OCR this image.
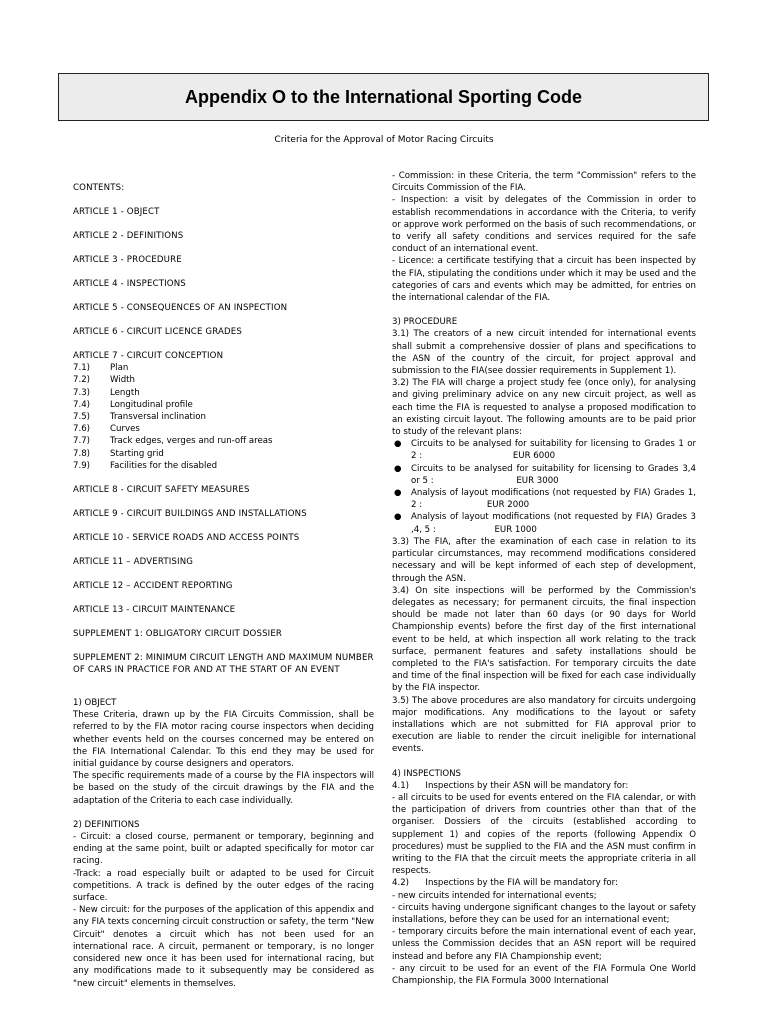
Appendix O to the International Sporting Code
Criteria for the Approval of Motor Racing Circuits
CONTENTS:
ARTICLE 1 - OBJECT
ARTICLE 2 - DEFINITIONS
ARTICLE 3 - PROCEDURE
ARTICLE 4 - INSPECTIONS
ARTICLE 5 - CONSEQUENCES OF AN INSPECTION
ARTICLE 6 - CIRCUIT LICENCE GRADES
ARTICLE 7 - CIRCUIT CONCEPTION
7.1)	Plan
7.2)	Width
7.3)	Length
7.4)	Longitudinal profile
7.5)	Transversal inclination
7.6)	Curves
7.7)	Track edges, verges and run-off areas
7.8)	Starting grid
7.9)	Facilities for the disabled
ARTICLE 8 - CIRCUIT SAFETY MEASURES
ARTICLE 9 - CIRCUIT BUILDINGS AND INSTALLATIONS
ARTICLE 10 - SERVICE ROADS AND ACCESS POINTS
ARTICLE 11 – ADVERTISING
ARTICLE 12 – ACCIDENT REPORTING
ARTICLE 13 - CIRCUIT MAINTENANCE
SUPPLEMENT 1: OBLIGATORY CIRCUIT DOSSIER
SUPPLEMENT 2: MINIMUM CIRCUIT LENGTH AND MAXIMUM NUMBER OF CARS IN PRACTICE FOR AND AT THE START OF AN EVENT
1) OBJECT

These Criteria, drawn up by the FIA Circuits Commission, shall be referred to by the FIA motor racing course inspectors when deciding whether events held on the courses concerned may be entered on the FIA International Calendar. To this end they may be used for initial guidance by course designers and operators.

The specific requirements made of a course by the FIA inspectors will be based on the study of the circuit drawings by the FIA and the adaptation of the Criteria to each case individually.

2) DEFINITIONS

- Circuit: a closed course, permanent or temporary, beginning and ending at the same point, built or adapted specifically for motor car racing.

-Track: a road especially built or adapted to be used for Circuit competitions. A track is defined by the outer edges of the racing surface.

- New circuit: for the purposes of the application of this appendix and any FIA texts concerning circuit construction or safety, the term "New Circuit" denotes a circuit which has not been used for an international race. A circuit, permanent or temporary, is no longer considered new once it has been used for international racing, but any modifications made to it subsequently may be considered as "new circuit" elements in themselves.

- Commission: in these Criteria, the term "Commission" refers to the Circuits Commission of the FIA.

- Inspection: a visit by delegates of the Commission in order to establish recommendations in accordance with the Criteria, to verify or approve work performed on the basis of such recommendations, or to verify all safety conditions and services required for the safe conduct of an international event.

- Licence: a certificate testifying that a circuit has been inspected by the FIA, stipulating the conditions under which it may be used and the categories of cars and events which may be admitted, for entries on the international calendar of the FIA.

3) PROCEDURE

3.1) The creators of a new circuit intended for international events shall submit a comprehensive dossier of plans and specifications to the ASN of the country of the circuit, for project approval and submission to the FIA(see dossier requirements in Supplement 1).

3.2) The FIA will charge a project study fee (once only), for analysing and giving preliminary advice on any new circuit project, as well as each time the FIA is requested to analyse a proposed modification to an existing circuit layout. The following amounts are to be paid prior to study of the relevant plans:

●	Circuits to be analysed for suitability for licensing to Grades 1 or 2 :	EUR 6000
●	Circuits to be analysed for suitability for licensing to Grades 3,4 or 5 :	EUR 3000
●	Analysis of layout modifications (not requested by FIA) Grades 1, 2 :	EUR 2000
●	Analysis of layout modifications (not requested by FIA) Grades 3 ,4, 5 :	EUR 1000

3.3) The FIA, after the examination of each case in relation to its particular circumstances, may recommend modifications considered necessary and will be kept informed of each step of development, through the ASN.

3.4) On site inspections will be performed by the Commission's delegates as necessary; for permanent circuits, the final inspection should be made not later than 60 days (or 90 days for World Championship events) before the first day of the first international event to be held, at which inspection all work relating to the track surface, permanent features and safety installations should be completed to the FIA's satisfaction. For temporary circuits the date and time of the final inspection will be fixed for each case individually by the FIA inspector.

3.5) The above procedures are also mandatory for circuits undergoing major modifications. Any modifications to the layout or safety installations which are not submitted for FIA approval prior to execution are liable to render the circuit ineligible for international events.

4) INSPECTIONS

4.1)      Inspections by their ASN will be mandatory for:

- all circuits to be used for events entered on the FIA calendar, or with the participation of drivers from countries other than that of the organiser. Dossiers of the circuits (established according to supplement 1) and copies of the reports (following Appendix O procedures) must be supplied to the FIA and the ASN must confirm in writing to the FIA that the circuit meets the appropriate criteria in all respects.

4.2)      Inspections by the FIA will be mandatory for:

- new circuits intended for international events;

- circuits having undergone significant changes to the layout or safety installations, before they can be used for an international event;

- temporary circuits before the main international event of each year, unless the Commission decides that an ASN report will be required instead and before any FIA Championship event;

- any circuit to be used for an event of the FIA Formula One World Championship, the FIA Formula 3000 International
